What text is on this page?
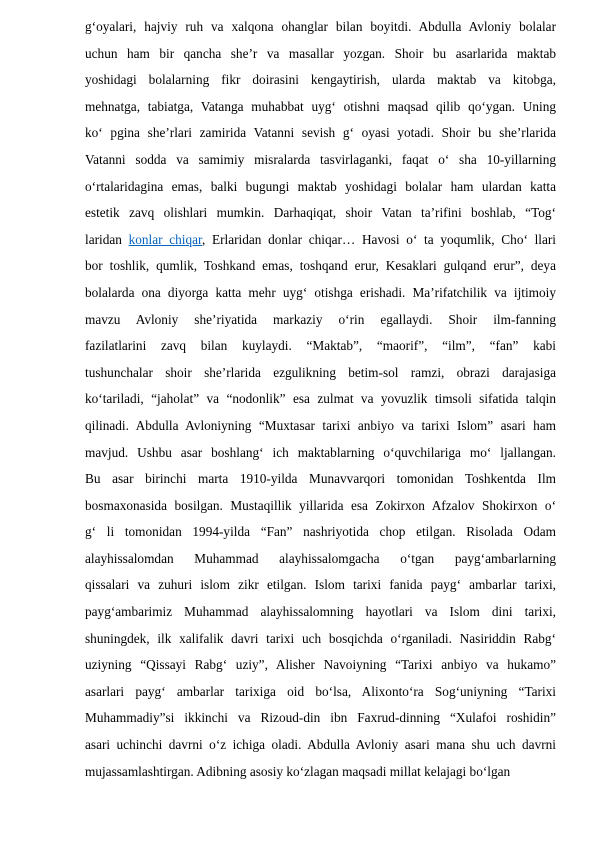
g‘oyalari, hajviy ruh va xalqona ohanglar bilan boyitdi. Abdulla Avloniy bolalar
uchun ham bir qancha she’r va masallar yozgan. Shoir bu asarlarida maktab
yoshidagi bolalarning fikr doirasini kengaytirish, ularda maktab va kitobga,
mehnatga, tabiatga, Vatanga muhabbat uyg‘ otishni maqsad qilib qo‘ygan. Uning
ko‘ pgina she’rlari zamirida Vatanni sevish g‘ oyasi yotadi. Shoir bu she’rlarida
Vatanni sodda va samimiy misralarda tasvirlaganki, faqat o‘ sha 10-yillarning
o‘rtalaridagina emas, balki bugungi maktab yoshidagi bolalar ham ulardan katta
estetik zavq olishlari mumkin. Darhaqiqat, shoir Vatan ta’rifini boshlab, “Tog‘
laridan konlar chiqar, Erlaridan donlar chiqar… Havosi o‘ ta yoqumlik, Cho‘ llari
bor toshlik, qumlik, Toshkand emas, toshqand erur, Kesaklari gulqand erur”, deya
bolalarda ona diyorga katta mehr uyg‘ otishga erishadi. Ma’rifatchilik va ijtimoiy
mavzu Avloniy she’riyatida markaziy o‘rin egallaydi. Shoir ilm-fanning
fazilatlarini zavq bilan kuylaydi. “Maktab”, “maorif”, “ilm”, “fan” kabi
tushunchalar shoir she’rlarida ezgulikning betim-sol ramzi, obrazi darajasiga
ko‘tariladi, “jaholat” va “nodonlik” esa zulmat va yovuzlik timsoli sifatida talqin
qilinadi. Abdulla Avloniyning “Muxtasar tarixi anbiyo va tarixi Islom” asari ham
mavjud. Ushbu asar boshlang‘ ich maktablarning o‘quvchilariga mo‘ ljallangan.
Bu asar birinchi marta 1910-yilda Munavvarqori tomonidan Toshkentda Ilm
bosmaxonasida bosilgan. Mustaqillik yillarida esa Zokirxon Afzalov Shokirxon o‘
g‘ li tomonidan 1994-yilda “Fan” nashriyotida chop etilgan. Risolada Odam
alayhissalomdan Muhammad alayhissalomgacha o‘tgan payg‘ambarlarning
qissalari va zuhuri islom zikr etilgan. Islom tarixi fanida payg‘ ambarlar tarixi,
payg‘ambarimiz Muhammad alayhissalomning hayotlari va Islom dini tarixi,
shuningdek, ilk xalifalik davri tarixi uch bosqichda o‘rganiladi. Nasiriddin Rabg‘
uziyning “Qissayi Rabg‘ uziy”, Alisher Navoiyning “Tarixi anbiyo va hukamo”
asarlari payg‘ ambarlar tarixiga oid bo‘lsa, Alixonto‘ra Sog‘uniyning “Tarixi
Muhammadiy”si ikkinchi va Rizoud-din ibn Faxrud-dinning “Xulafoi roshidin”
asari uchinchi davrni o‘z ichiga oladi. Abdulla Avloniy asari mana shu uch davrni
mujassamlashtirgan. Adibning asosiy ko‘zlagan maqsadi millat kelajagi bo‘lgan
